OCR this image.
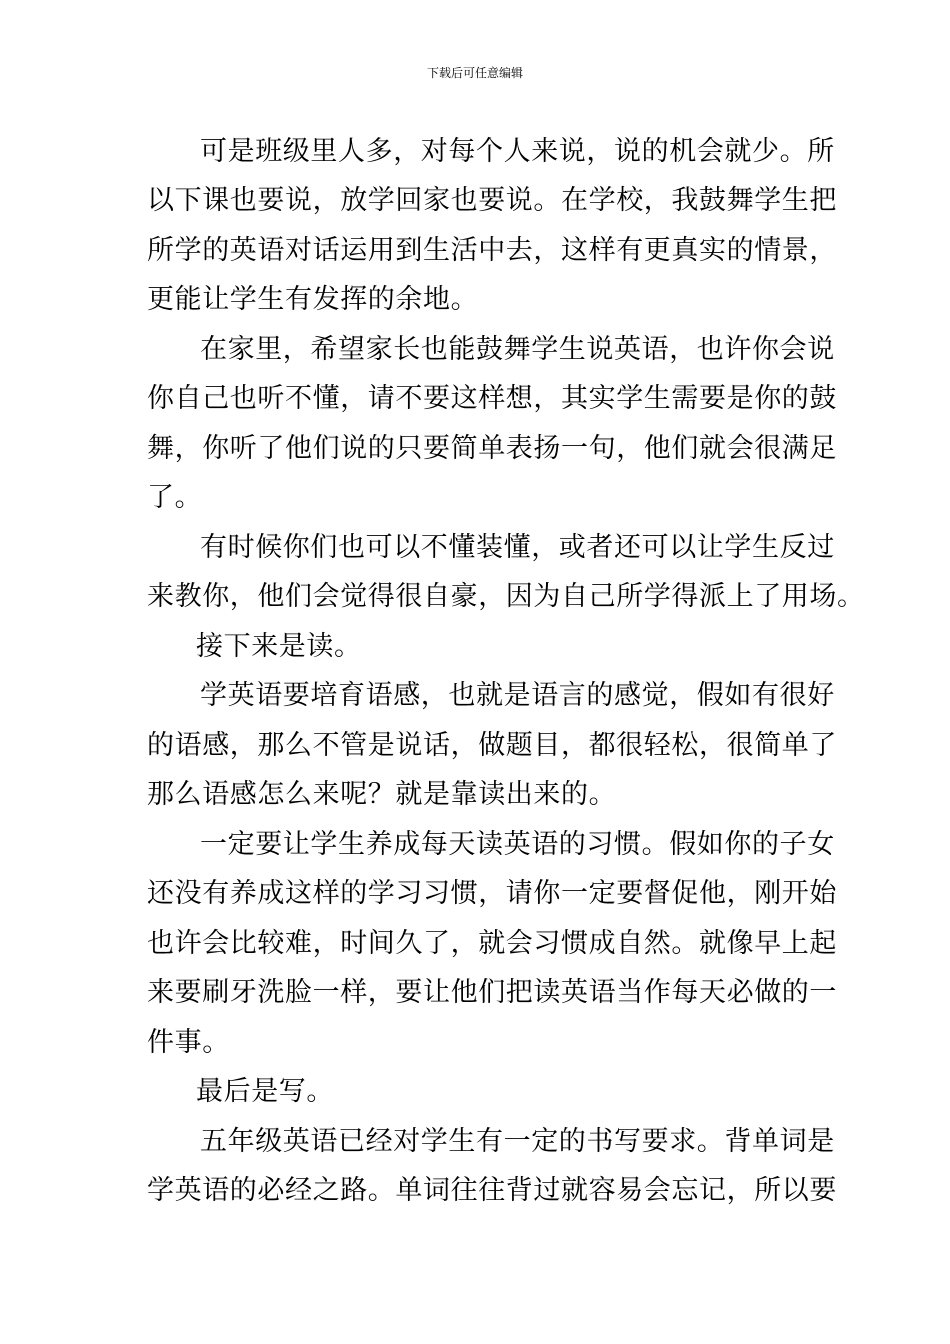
下载后可任意编辑
可是班级里人多，对每个人来说，说的机会就少。所
以下课也要说，放学回家也要说。在学校，我鼓舞学生把
所学的英语对话运用到生活中去，这样有更真实的情景，
更能让学生有发挥的余地。
在家里，希望家长也能鼓舞学生说英语，也许你会说
你自己也听不懂，请不要这样想，其实学生需要是你的鼓
舞，你听了他们说的只要简单表扬一句，他们就会很满足
了。
有时候你们也可以不懂装懂，或者还可以让学生反过
来教你，他们会觉得很自豪，因为自己所学得派上了用场。
接下来是读。
学英语要培育语感，也就是语言的感觉，假如有很好
的语感，那么不管是说话，做题目，都很轻松，很简单了
那么语感怎么来呢？就是靠读出来的。
一定要让学生养成每天读英语的习惯。假如你的子女
还没有养成这样的学习习惯，请你一定要督促他，刚开始
也许会比较难，时间久了，就会习惯成自然。就像早上起
来要刷牙洗脸一样，要让他们把读英语当作每天必做的一
件事。
最后是写。
五年级英语已经对学生有一定的书写要求。背单词是
学英语的必经之路。单词往往背过就容易会忘记，所以要
